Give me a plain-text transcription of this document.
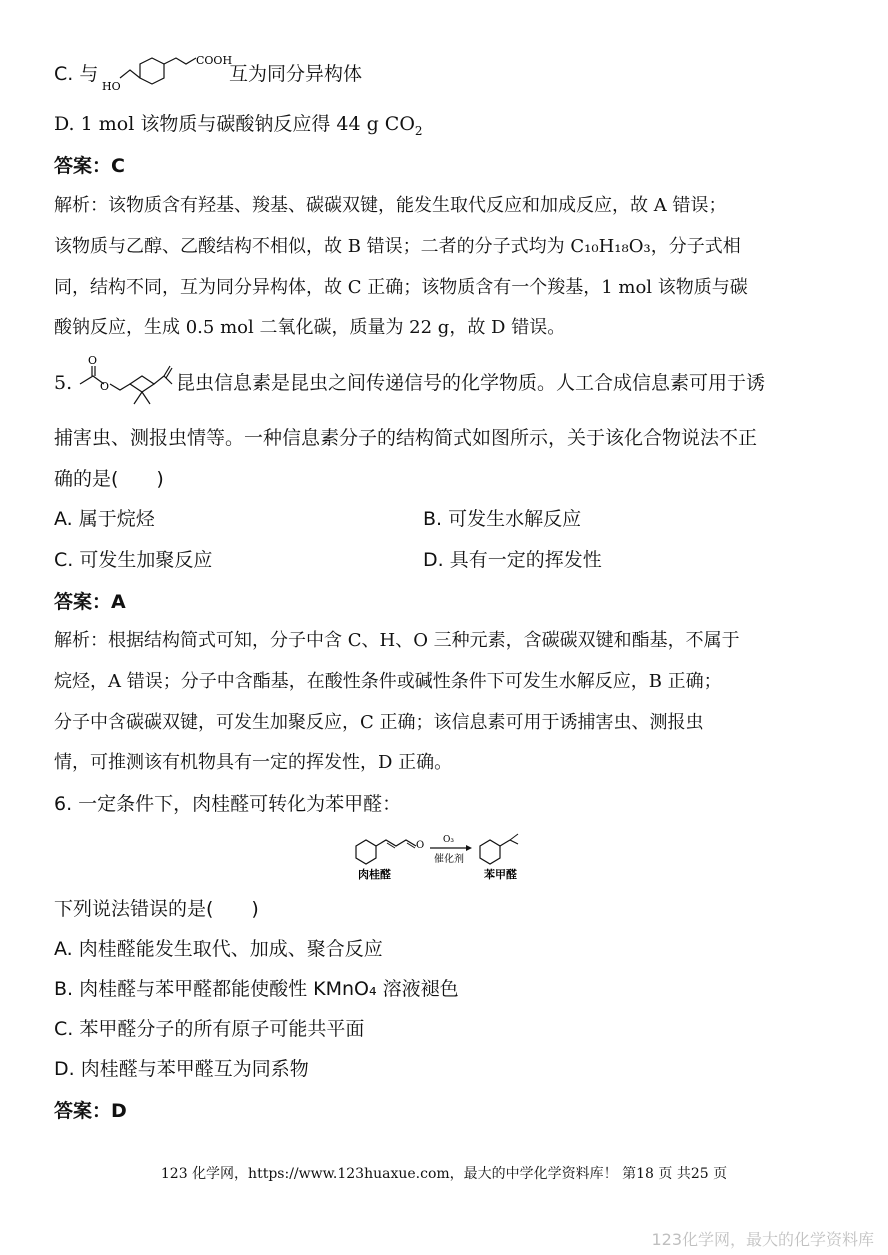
C. 与
COOH
HO
互为同分异构体
D. 1 mol 该物质与碳酸钠反应得 44 g $CO_2$
答案：C
解析：该物质含有羟基、羧基、碳碳双键，能发生取代反应和加成反应，故 A 错误；
该物质与乙醇、乙酸结构不相似，故 B 错误；二者的分子式均为 C₁₀H₁₈O₃，分子式相
同，结构不同，互为同分异构体，故 C 正确；该物质含有一个羧基，1 mol 该物质与碳
酸钠反应，生成 0.5 mol 二氧化碳，质量为 22 g，故 D 错误。
5.
O
O	昆虫信息素是昆虫之间传递信号的化学物质。人工合成信息素可用于诱
捕害虫、测报虫情等。一种信息素分子的结构简式如图所示，关于该化合物说法不正
确的是(　　)
A. 属于烷烃	B. 可发生水解反应
C. 可发生加聚反应	D. 具有一定的挥发性
答案：A
解析：根据结构简式可知，分子中含 C、H、O 三种元素，含碳碳双键和酯基，不属于
烷烃，A 错误；分子中含酯基，在酸性条件或碱性条件下可发生水解反应，B 正确；
分子中含碳碳双键，可发生加聚反应，C 正确；该信息素可用于诱捕害虫、测报虫
情，可推测该有机物具有一定的挥发性，D 正确。
6. 一定条件下，肉桂醛可转化为苯甲醛：
O
肉桂醛
O₃
催化剂
苯甲醛
下列说法错误的是(　　)
A. 肉桂醛能发生取代、加成、聚合反应
B. 肉桂醛与苯甲醛都能使酸性 KMnO₄ 溶液褪色
C. 苯甲醛分子的所有原子可能共平面
D. 肉桂醛与苯甲醛互为同系物
答案：D
123 化学网，https://www.123huaxue.com，最大的中学化学资料库！ 第18 页 共25 页
123化学网，最大的化学资料库
